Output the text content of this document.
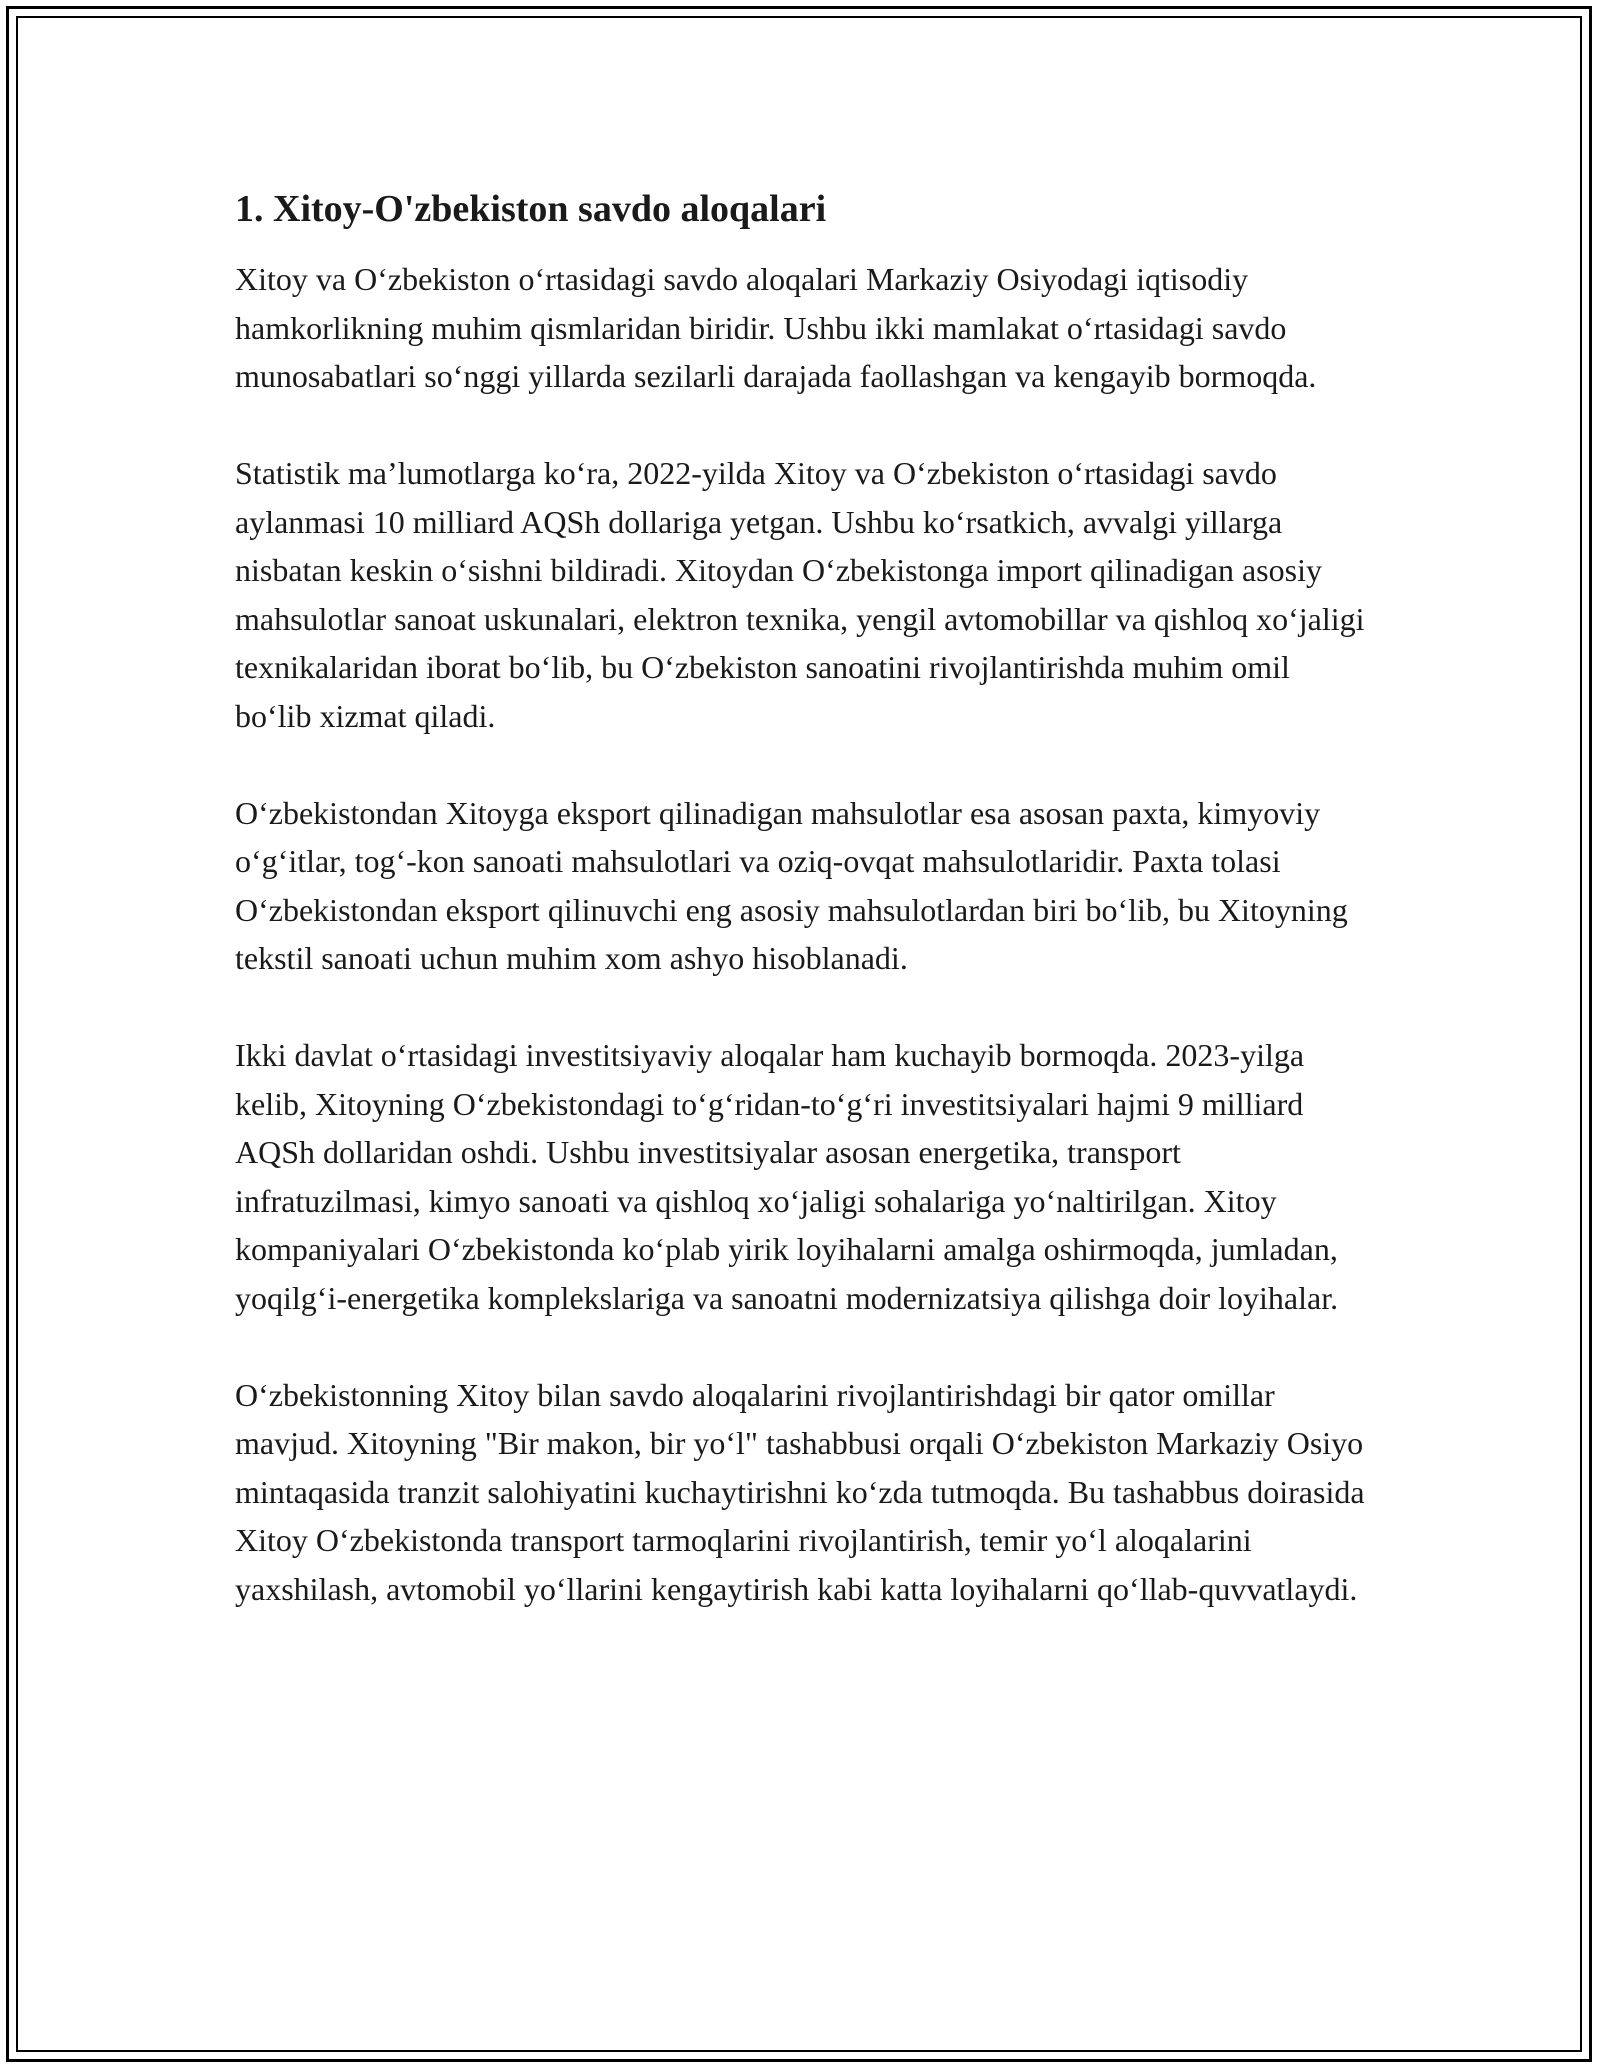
1. Xitoy-O'zbekiston savdo aloqalari

Xitoy va O‘zbekiston o‘rtasidagi savdo aloqalari Markaziy Osiyodagi iqtisodiy hamkorlikning muhim qismlaridan biridir. Ushbu ikki mamlakat o‘rtasidagi savdo munosabatlari so‘nggi yillarda sezilarli darajada faollashgan va kengayib bormoqda.

Statistik ma’lumotlarga ko‘ra, 2022-yilda Xitoy va O‘zbekiston o‘rtasidagi savdo aylanmasi 10 milliard AQSh dollariga yetgan. Ushbu ko‘rsatkich, avvalgi yillarga nisbatan keskin o‘sishni bildiradi. Xitoydan O‘zbekistonga import qilinadigan asosiy mahsulotlar sanoat uskunalari, elektron texnika, yengil avtomobillar va qishloq xo‘jaligi texnikalaridan iborat bo‘lib, bu O‘zbekiston sanoatini rivojlantirishda muhim omil bo‘lib xizmat qiladi.

O‘zbekistondan Xitoyga eksport qilinadigan mahsulotlar esa asosan paxta, kimyoviy o‘g‘itlar, tog‘-kon sanoati mahsulotlari va oziq-ovqat mahsulotlaridir. Paxta tolasi O‘zbekistondan eksport qilinuvchi eng asosiy mahsulotlardan biri bo‘lib, bu Xitoyning tekstil sanoati uchun muhim xom ashyo hisoblanadi.

Ikki davlat o‘rtasidagi investitsiyaviy aloqalar ham kuchayib bormoqda. 2023-yilga kelib, Xitoyning O‘zbekistondagi to‘g‘ridan-to‘g‘ri investitsiyalari hajmi 9 milliard AQSh dollaridan oshdi. Ushbu investitsiyalar asosan energetika, transport infratuzilmasi, kimyo sanoati va qishloq xo‘jaligi sohalariga yo‘naltirilgan. Xitoy kompaniyalari O‘zbekistonda ko‘plab yirik loyihalarni amalga oshirmoqda, jumladan, yoqilg‘i-energetika komplekslariga va sanoatni modernizatsiya qilishga doir loyihalar.

O‘zbekistonning Xitoy bilan savdo aloqalarini rivojlantirishdagi bir qator omillar mavjud. Xitoyning "Bir makon, bir yo‘l" tashabbusi orqali O‘zbekiston Markaziy Osiyo mintaqasida tranzit salohiyatini kuchaytirishni ko‘zda tutmoqda. Bu tashabbus doirasida Xitoy O‘zbekistonda transport tarmoqlarini rivojlantirish, temir yo‘l aloqalarini yaxshilash, avtomobil yo‘llarini kengaytirish kabi katta loyihalarni qo‘llab-quvvatlaydi.
